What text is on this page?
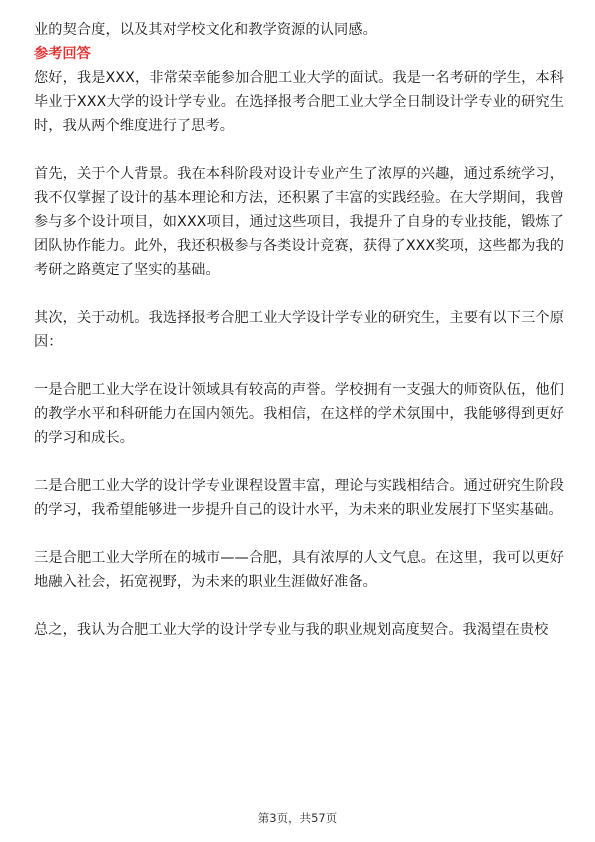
业的契合度，以及其对学校文化和教学资源的认同感。

参考回答

您好，我是XXX，非常荣幸能参加合肥工业大学的面试。我是一名考研的学生，本科毕业于XXX大学的设计学专业。在选择报考合肥工业大学全日制设计学专业的研究生时，我从两个维度进行了思考。

首先，关于个人背景。我在本科阶段对设计专业产生了浓厚的兴趣，通过系统学习，我不仅掌握了设计的基本理论和方法，还积累了丰富的实践经验。在大学期间，我曾参与多个设计项目，如XXX项目，通过这些项目，我提升了自身的专业技能，锻炼了团队协作能力。此外，我还积极参与各类设计竞赛，获得了XXX奖项，这些都为我的考研之路奠定了坚实的基础。

其次，关于动机。我选择报考合肥工业大学设计学专业的研究生，主要有以下三个原因：

一是合肥工业大学在设计领域具有较高的声誉。学校拥有一支强大的师资队伍，他们的教学水平和科研能力在国内领先。我相信，在这样的学术氛围中，我能够得到更好的学习和成长。

二是合肥工业大学的设计学专业课程设置丰富，理论与实践相结合。通过研究生阶段的学习，我希望能够进一步提升自己的设计水平，为未来的职业发展打下坚实基础。

三是合肥工业大学所在的城市——合肥，具有浓厚的人文气息。在这里，我可以更好地融入社会，拓宽视野，为未来的职业生涯做好准备。

总之，我认为合肥工业大学的设计学专业与我的职业规划高度契合。我渴望在贵校

第3页，共57页
